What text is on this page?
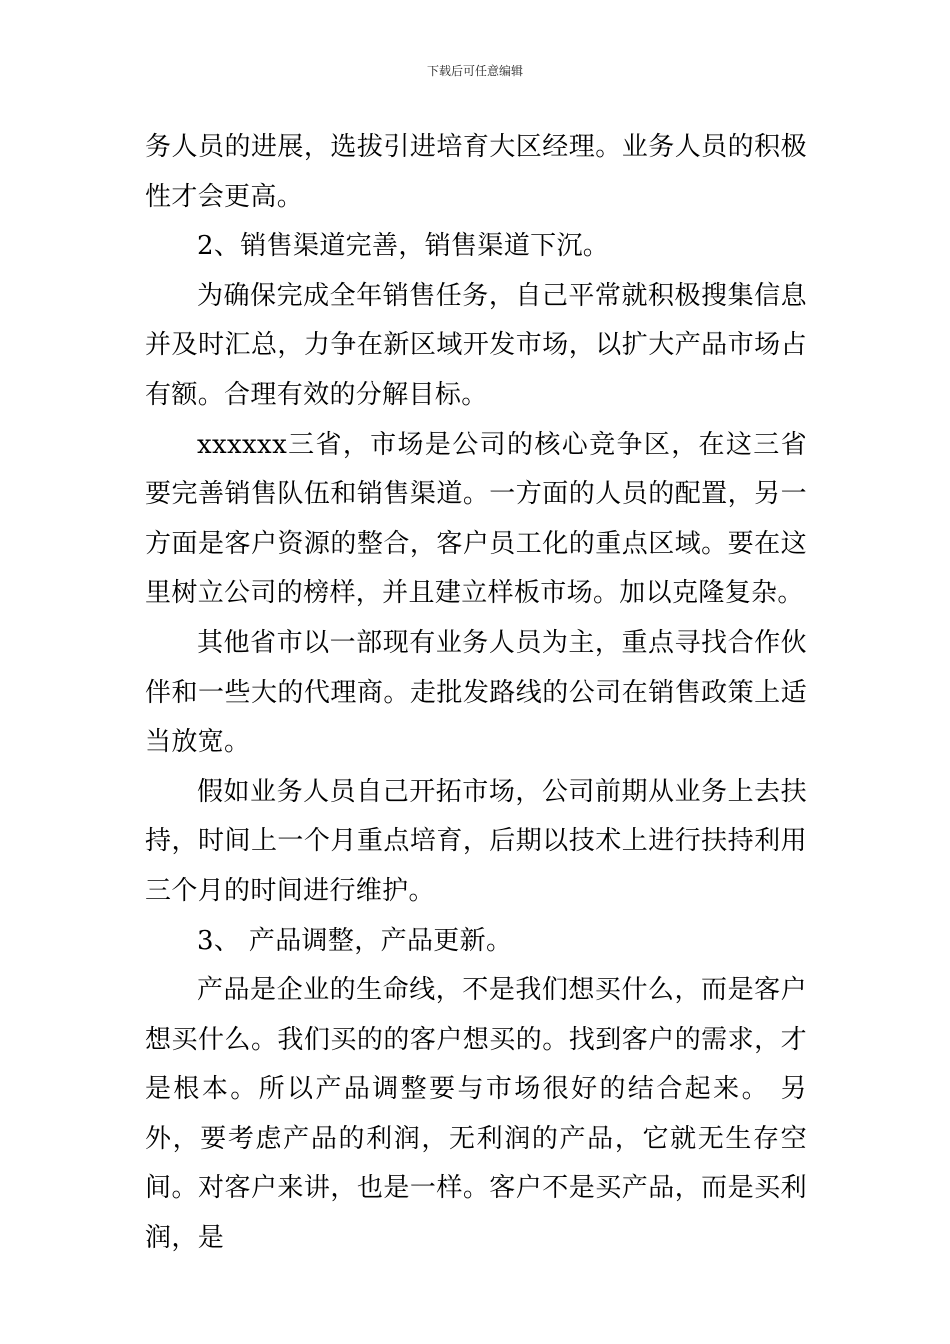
下载后可任意编辑

务人员的进展，选拔引进培育大区经理。业务人员的积极性才会更高。

2、销售渠道完善，销售渠道下沉。

为确保完成全年销售任务，自己平常就积极搜集信息并及时汇总，力争在新区域开发市场，以扩大产品市场占有额。合理有效的分解目标。

xxxxxx三省，市场是公司的核心竞争区，在这三省要完善销售队伍和销售渠道。一方面的人员的配置，另一方面是客户资源的整合，客户员工化的重点区域。要在这里树立公司的榜样，并且建立样板市场。加以克隆复杂。

其他省市以一部现有业务人员为主，重点寻找合作伙伴和一些大的代理商。走批发路线的公司在销售政策上适当放宽。

假如业务人员自己开拓市场，公司前期从业务上去扶持，时间上一个月重点培育，后期以技术上进行扶持利用三个月的时间进行维护。

3、 产品调整，产品更新。

产品是企业的生命线，不是我们想买什么，而是客户想买什么。我们买的的客户想买的。找到客户的需求，才是根本。所以产品调整要与市场很好的结合起来。 另外，要考虑产品的利润，无利润的产品，它就无生存空间。对客户来讲，也是一样。客户不是买产品，而是买利润，是
